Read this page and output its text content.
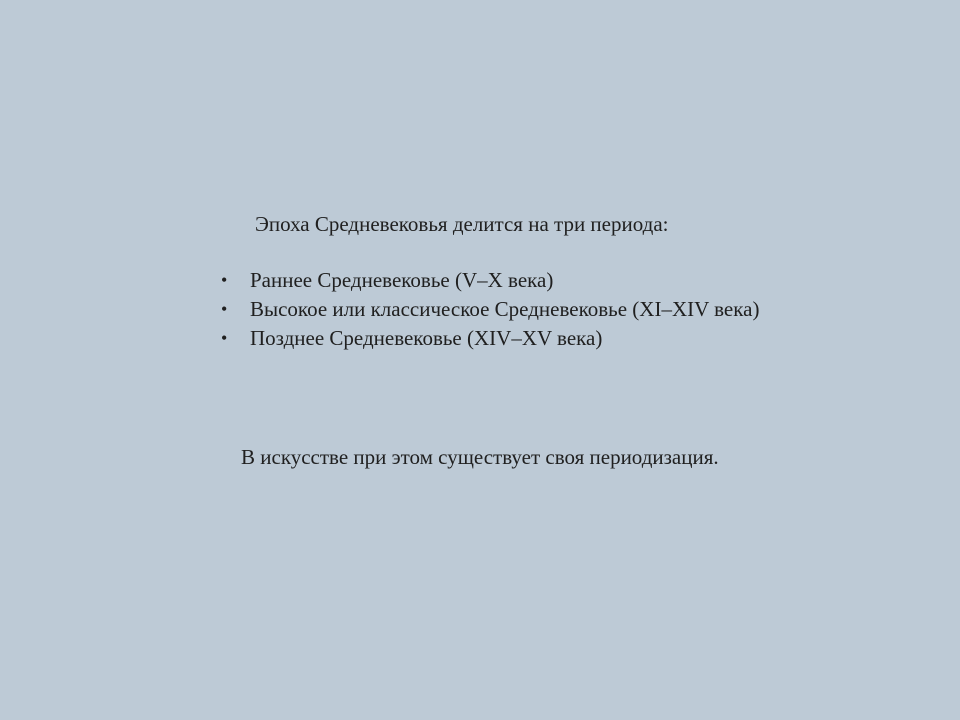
Эпоха Средневековья делится на три периода:
• Раннее Средневековье (V–X века)
• Высокое или классическое Средневековье (XI–XIV века)
• Позднее Средневековье (XIV–XV века)
В искусстве при этом существует своя периодизация.
